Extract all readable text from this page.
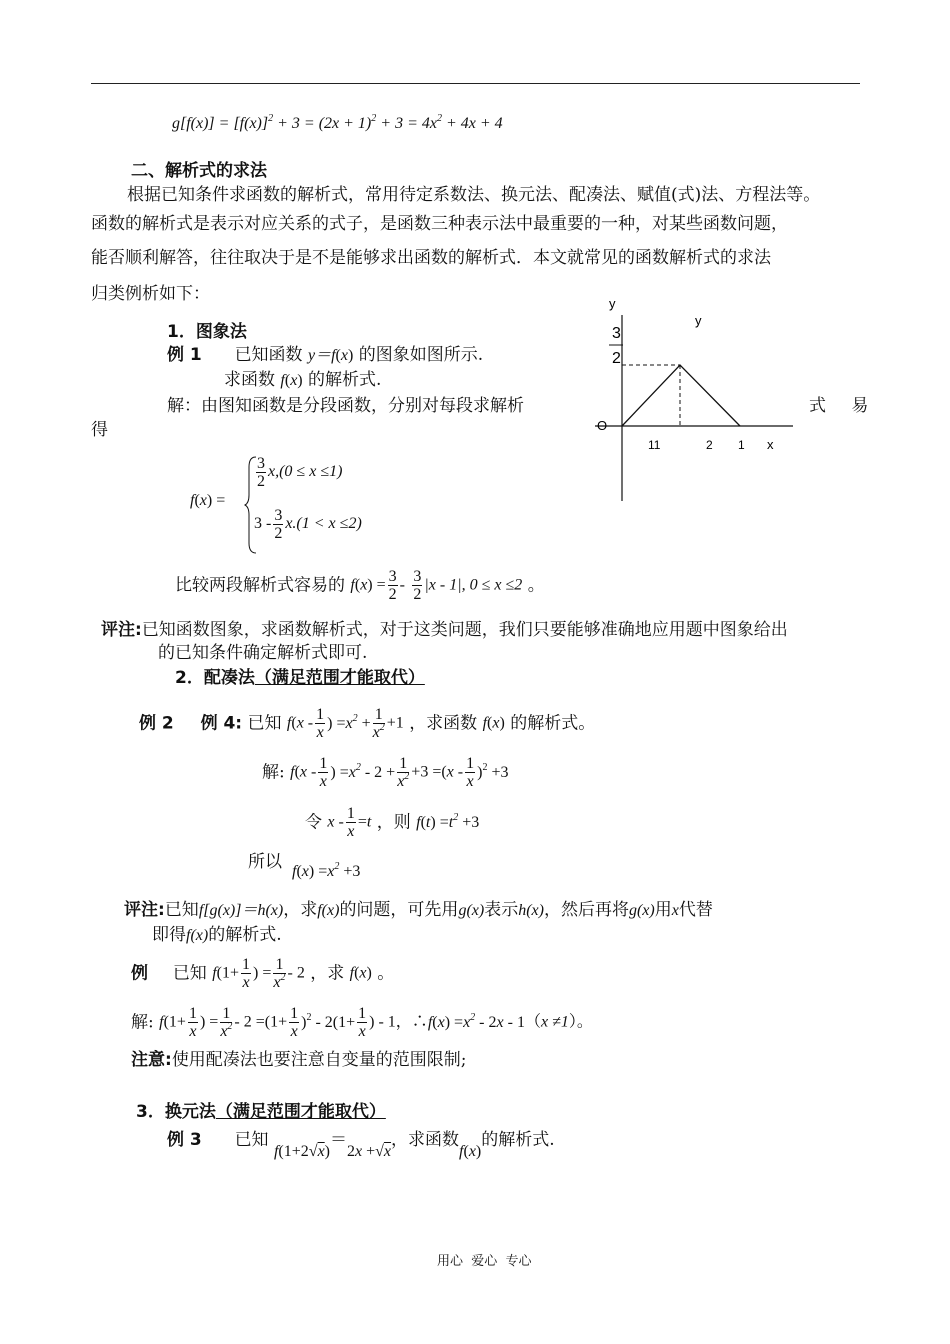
$g[f(x)] = [f(x)]^2 + 3 = (2x + 1)^2 + 3 = 4x^2 + 4x + 4$
二、解析式的求法
根据已知条件求函数的解析式，常用待定系数法、换元法、配凑法、赋值(式)法、方程法等。
函数的解析式是表示对应关系的式子，是函数三种表示法中最重要的一种，对某些函数问题，
能否顺利解答，往往取决于是不是能够求出函数的解析式．本文就常见的函数解析式的求法
归类例析如下：
1．图象法
例 1 已知函数 y＝f(x) 的图象如图所示.
求函数 f(x) 的解析式.
解：由图知函数是分段函数，分别对每段求解析	式 易
得
f(x) =
$\frac{3}{2} x,(0 \le x \le 1)$
$3 - \frac{3}{2} x.(1 < x \le 2)$
比较两段解析式容易的 $f(x) = \frac{3}{2} - \frac{3}{2} |x - 1|$, 0 ≤ x ≤2 。
评注:已知函数图象，求函数解析式，对于这类问题，我们只要能够准确地应用题中图象给出
的已知条件确定解析式即可.
y
y
3
2
O
11	2 1 x
2．配凑法（满足范围才能取代）
例 2 例 4: 已知 $f(x - \frac{1}{x}$ ) $=x^2 + \frac{1}{x^2} +1$ ，求函数 f(x) 的解析式。
解: $f(x - \frac{1}{x}$ ) $=x^2 - 2 + \frac{1}{x^2} +3 =(x - \frac{1}{x} )^2 +3$
令 $x - \frac{1}{x} =t$ ，则 $f(t) =t^2 +3$
所以 $f(x) =x^2 +3$
评注:已知f[g(x)]＝h(x)，求f(x)的问题，可先用g(x)表示h(x)，然后再将g(x)用x代替
即得f(x)的解析式.
例 已知 $f(1+ \frac{1}{x}$ ) = $\frac{1}{x^2} - 2$ ，求 f(x) 。
解: $f(1+ \frac{1}{x}$ ) = $\frac{1}{x^2} - 2 =(1+ \frac{1}{x} )^2 - 2(1+ \frac{1}{x}$ ) - 1，∴f(x) $=x^2 - 2x - 1(x \ne 1)$。
注意:使用配凑法也要注意自变量的范围限制;
3．换元法（满足范围才能取代）
例 3 已知 f(1+2√x)＝2x +√x，求函数f(x)的解析式.
用心  爱心  专心
